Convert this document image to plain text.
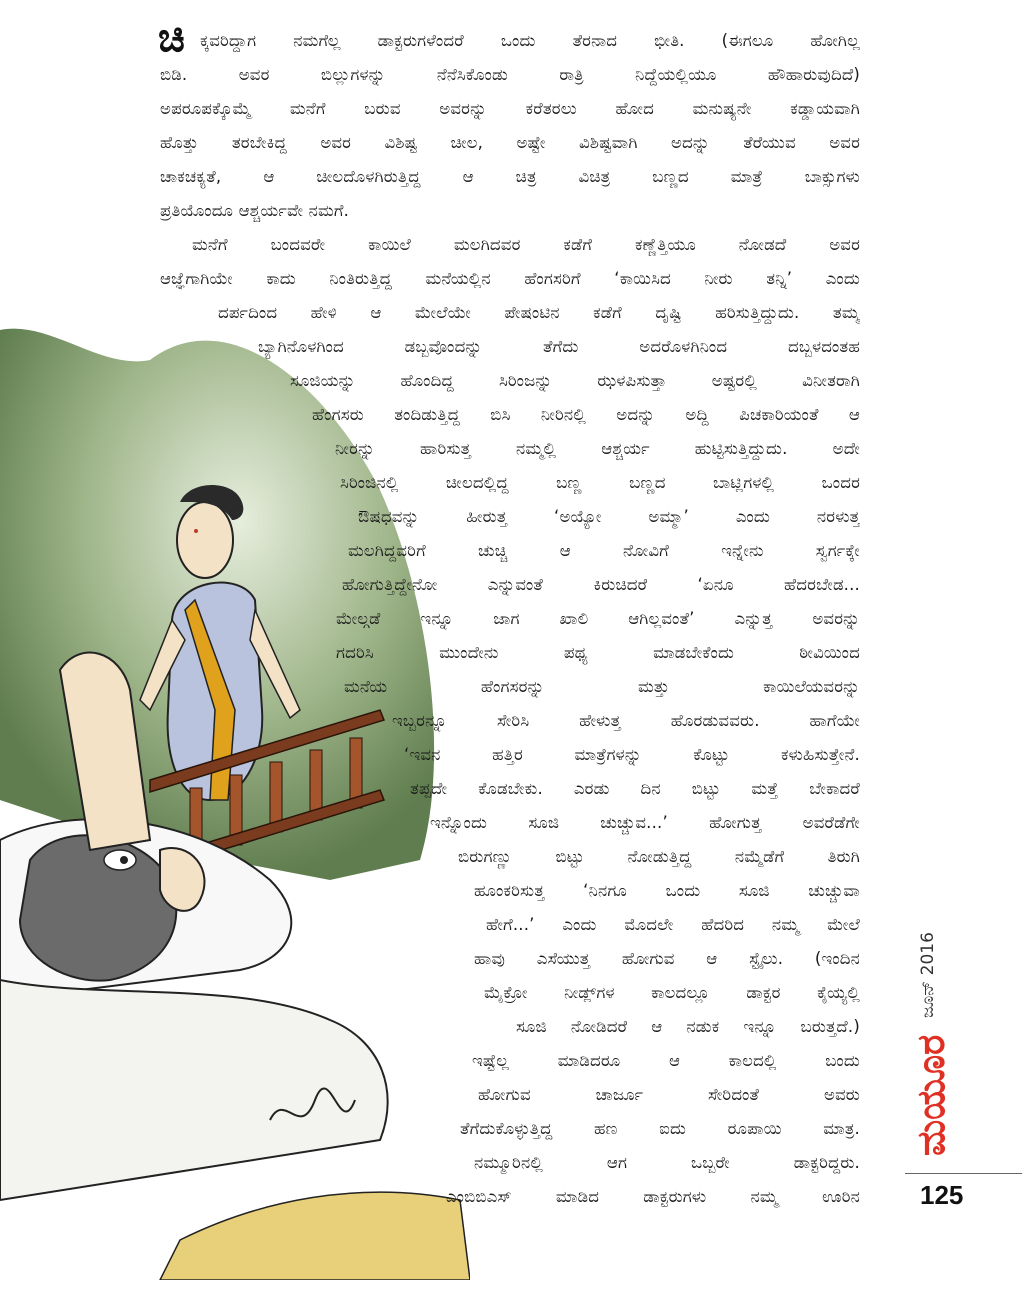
ಚಿ ಕ್ಕವರಿದ್ದಾಗ ನಮಗೆಲ್ಲ ಡಾಕ್ಟರುಗಳೆಂದರೆ ಒಂದು ತೆರನಾದ ಭೀತಿ. (ಈಗಲೂ ಹೋಗಿಲ್ಲ
ಬಿಡಿ. ಅವರ ಬಿಲ್ಲುಗಳನ್ನು ನೆನೆಸಿಕೊಂಡು ರಾತ್ರಿ ನಿದ್ದೆಯಲ್ಲಿಯೂ ಹೌಹಾರುವುದಿದೆ)
ಅಪರೂಪಕ್ಕೊಮ್ಮೆ ಮನೆಗೆ ಬರುವ ಅವರನ್ನು ಕರೆತರಲು ಹೋದ ಮನುಷ್ಯನೇ ಕಡ್ಡಾಯವಾಗಿ
ಹೊತ್ತು ತರಬೇಕಿದ್ದ ಅವರ ವಿಶಿಷ್ಟ ಚೀಲ, ಅಷ್ಟೇ ವಿಶಿಷ್ಟವಾಗಿ ಅದನ್ನು ತೆರೆಯುವ ಅವರ
ಚಾಕಚಕ್ಯತೆ, ಆ ಚೀಲದೊಳಗಿರುತ್ತಿದ್ದ ಆ ಚಿತ್ರ ವಿಚಿತ್ರ ಬಣ್ಣದ ಮಾತ್ರೆ ಬಾಕ್ಸುಗಳು
ಪ್ರತಿಯೊಂದೂ ಆಶ್ಚರ್ಯವೇ ನಮಗೆ.
ಮನೆಗೆ ಬಂದವರೇ ಕಾಯಿಲೆ ಮಲಗಿದವರ ಕಡೆಗೆ ಕಣ್ಣೆತ್ತಿಯೂ ನೋಡದೆ ಅವರ
ಆಜ್ಞೆಗಾಗಿಯೇ ಕಾದು ನಿಂತಿರುತ್ತಿದ್ದ ಮನೆಯಲ್ಲಿನ ಹೆಂಗಸರಿಗೆ ‘ಕಾಯಿಸಿದ ನೀರು ತನ್ನಿ’ ಎಂದು
ದರ್ಪದಿಂದ ಹೇಳಿ ಆ ಮೇಲೆಯೇ ಪೇಷಂಟಿನ ಕಡೆಗೆ ದೃಷ್ಟಿ ಹರಿಸುತ್ತಿದ್ದುದು. ತಮ್ಮ
ಬ್ಯಾಗಿನೊಳಗಿಂದ ಡಬ್ಬವೊಂದನ್ನು ತೆಗೆದು ಅದರೊಳಗಿನಿಂದ ದಬ್ಬಳದಂತಹ
ಸೂಜಿಯನ್ನು ಹೊಂದಿದ್ದ ಸಿರಿಂಜನ್ನು ಝಳಪಿಸುತ್ತಾ ಅಷ್ಟರಲ್ಲಿ ವಿನೀತರಾಗಿ
ಹೆಂಗಸರು ತಂದಿಡುತ್ತಿದ್ದ ಬಿಸಿ ನೀರಿನಲ್ಲಿ ಅದನ್ನು ಅದ್ದಿ ಪಿಚಕಾರಿಯಂತೆ ಆ
ನೀರನ್ನು ಹಾರಿಸುತ್ತ ನಮ್ಮಲ್ಲಿ ಆಶ್ಚರ್ಯ ಹುಟ್ಟಿಸುತ್ತಿದ್ದುದು. ಅದೇ
ಸಿರಿಂಜಿನಲ್ಲಿ ಚೀಲದಲ್ಲಿದ್ದ ಬಣ್ಣ ಬಣ್ಣದ ಬಾಟ್ಲಿಗಳಲ್ಲಿ ಒಂದರ
ಔಷಧವನ್ನು ಹೀರುತ್ತ ‘ಅಯ್ಯೋ ಅಮ್ಮಾ’ ಎಂದು ನರಳುತ್ತ
ಮಲಗಿದ್ದವರಿಗೆ ಚುಚ್ಚಿ ಆ ನೋವಿಗೆ ಇನ್ನೇನು ಸ್ವರ್ಗಕ್ಕೇ
ಹೋಗುತ್ತಿದ್ದೇನೋ ಎನ್ನುವಂತೆ ಕಿರುಚಿದರೆ ‘ಏನೂ ಹೆದರಬೇಡ...
ಮೇಲ್ಗಡೆ ಇನ್ನೂ ಜಾಗ ಖಾಲಿ ಆಗಿಲ್ಲವಂತೆ’ ಎನ್ನುತ್ತ ಅವರನ್ನು
ಗದರಿಸಿ ಮುಂದೇನು ಪಥ್ಯ ಮಾಡಬೇಕೆಂದು ಠೀವಿಯಿಂದ
ಮನೆಯ ಹೆಂಗಸರನ್ನು ಮತ್ತು ಕಾಯಿಲೆಯವರನ್ನು
ಇಬ್ಬರನ್ನೂ ಸೇರಿಸಿ ಹೇಳುತ್ತ ಹೊರಡುವವರು. ಹಾಗೆಯೇ
‘ಇವನ ಹತ್ತಿರ ಮಾತ್ರೆಗಳನ್ನು ಕೊಟ್ಟು ಕಳುಹಿಸುತ್ತೇನೆ.
ತಪ್ಪದೇ ಕೊಡಬೇಕು. ಎರಡು ದಿನ ಬಿಟ್ಟು ಮತ್ತೆ ಬೇಕಾದರೆ
ಇನ್ನೊಂದು ಸೂಜಿ ಚುಚ್ಚುವ...’ ಹೋಗುತ್ತ ಅವರೆಡೆಗೇ
ಬಿರುಗಣ್ಣು ಬಿಟ್ಟು ನೋಡುತ್ತಿದ್ದ ನಮ್ಮೆಡೆಗೆ ತಿರುಗಿ
ಹೂಂಕರಿಸುತ್ತ ‘ನಿನಗೂ ಒಂದು ಸೂಜಿ ಚುಚ್ಚುವಾ
ಹೇಗೆ...’ ಎಂದು ಮೊದಲೇ ಹೆದರಿದ ನಮ್ಮ ಮೇಲೆ
ಹಾವು ಎಸೆಯುತ್ತ ಹೋಗುವ ಆ ಸ್ಟೈಲು. (ಇಂದಿನ
ಮೈಕ್ರೋ ನೀಡ್ಲ್‌ಗಳ ಕಾಲದಲ್ಲೂ ಡಾಕ್ಟರ ಕೈಯ್ಯಲ್ಲಿ
ಸೂಜಿ ನೋಡಿದರೆ ಆ ನಡುಕ ಇನ್ನೂ ಬರುತ್ತದೆ.)
ಇಷ್ಟೆಲ್ಲ ಮಾಡಿದರೂ ಆ ಕಾಲದಲ್ಲಿ ಬಂದು
ಹೋಗುವ ಚಾರ್ಜೂ ಸೇರಿದಂತೆ ಅವರು
ತೆಗೆದುಕೊಳ್ಳುತ್ತಿದ್ದ ಹಣ ಐದು ರೂಪಾಯಿ ಮಾತ್ರ.
ನಮ್ಮೂರಿನಲ್ಲಿ ಆಗ ಒಬ್ಬರೇ ಡಾಕ್ಟರಿದ್ದರು.
ಎಂಬಿಬಿಎಸ್ ಮಾಡಿದ ಡಾಕ್ಟರುಗಳು ನಮ್ಮ ಊರಿನ
ಜೂನ್ 2016
ಮಯೂರ
125
